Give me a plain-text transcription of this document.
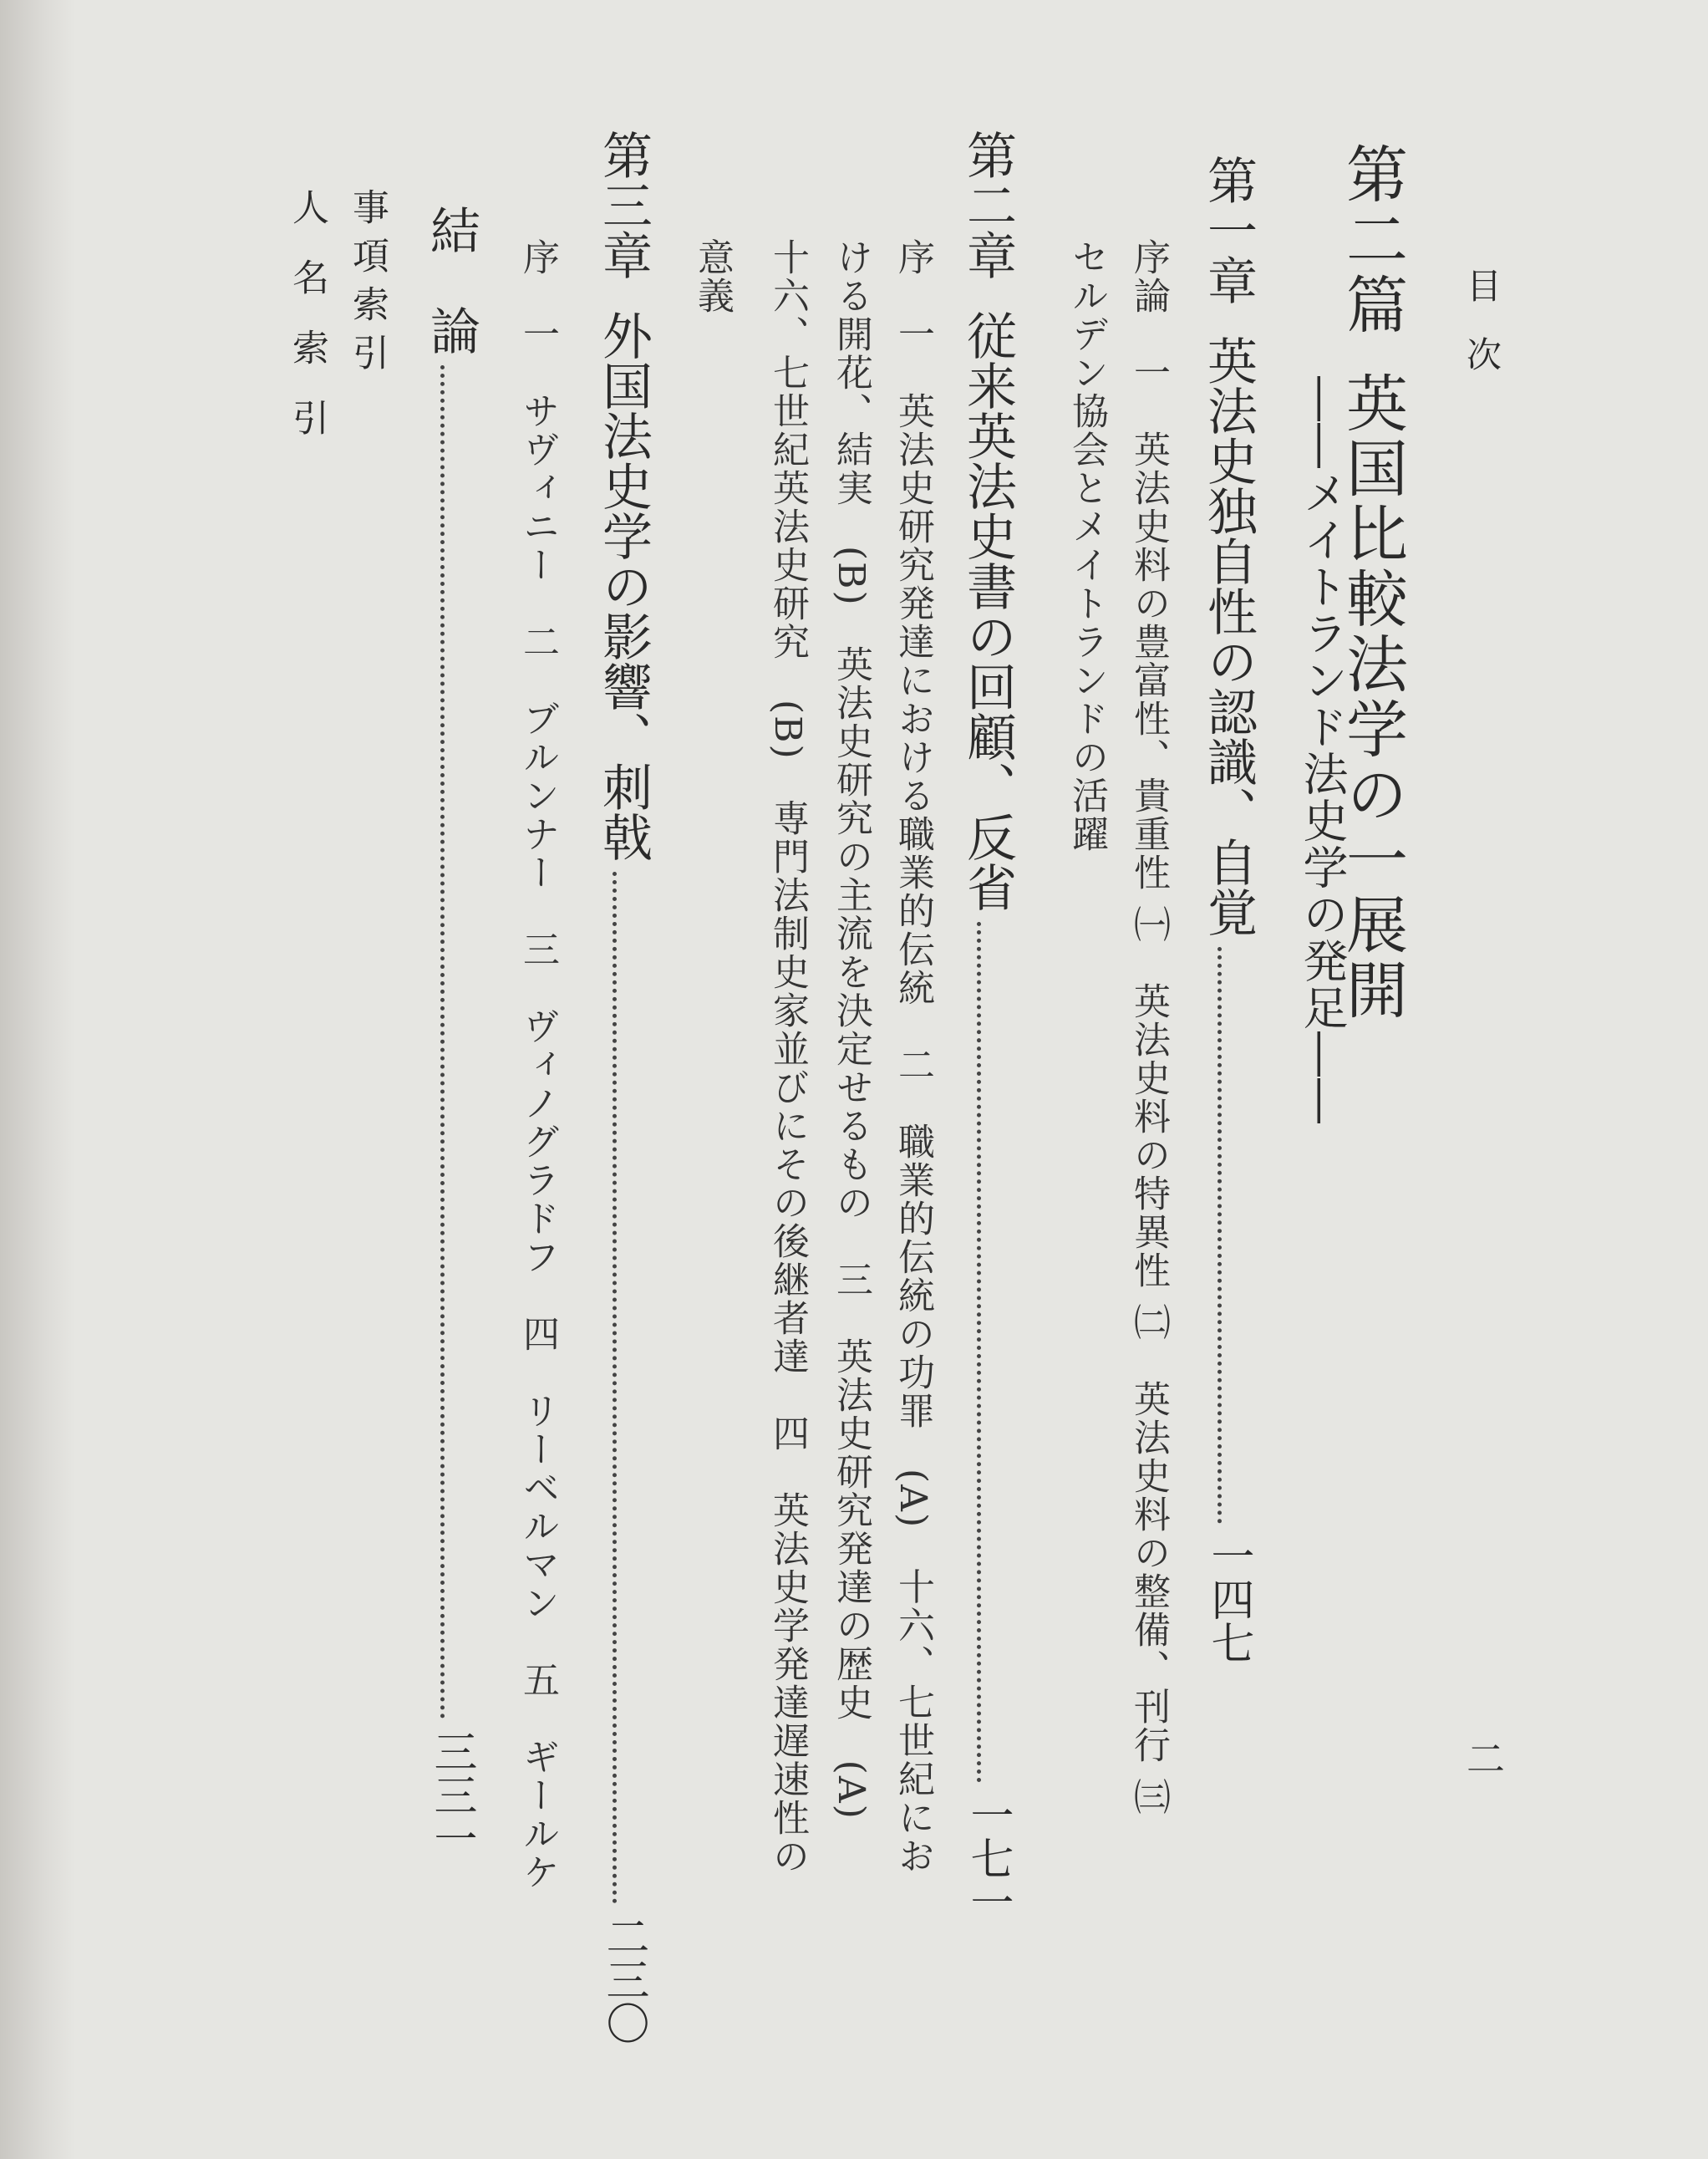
目次
二
第二篇英国比較法学の一展開
――メイトランド法史学の発足――
第一章英法史独自性の認識、自覚一四七
序論　一　英法史料の豊富性、貴重性 ㈠　英法史料の特異性 ㈡　英法史料の整備、刊行 ㈢
セルデン協会とメイトランドの活躍
第二章従来英法史書の回顧、反省一七一
序　一　英法史研究発達における職業的伝統　二　職業的伝統の功罪　(A)　十六、七世紀にお
ける開花、結実　(B)　英法史研究の主流を決定せるもの　三　英法史研究発達の歴史　(A)
十六、七世紀英法史研究　(B)　専門法制史家並びにその後継者達　四　英法史学発達遅速性の
意義
第三章外国法史学の影響、刺戟二三〇
序　一　サヴィニー　二　ブルンナー　三　ヴィノグラドフ　四　リーベルマン　五　ギールケ
結　論三三一
事項索引
人名索引
